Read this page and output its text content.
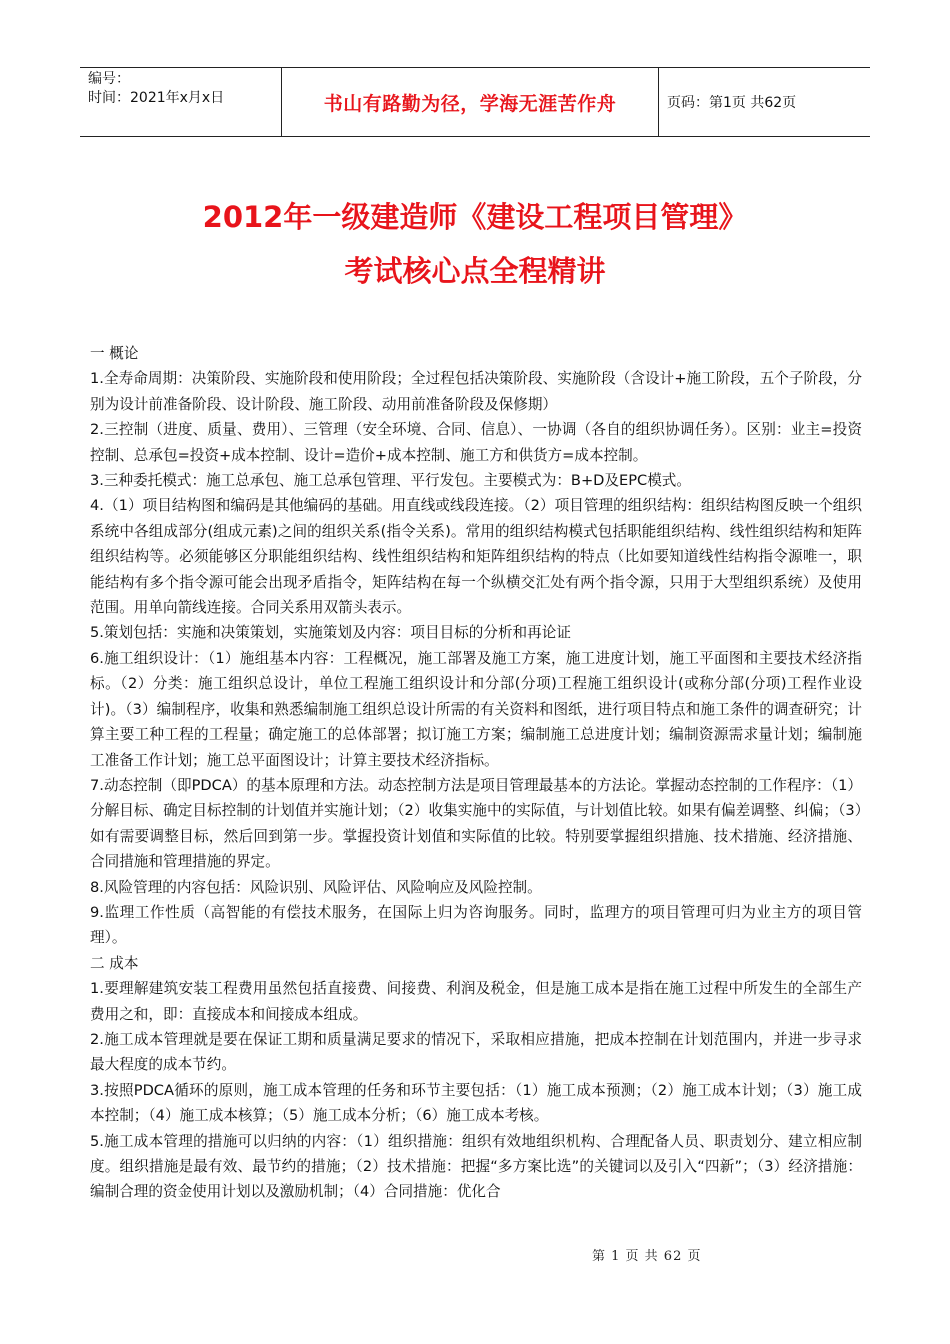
编号：
时间：2021年x月x日	书山有路勤为径，学海无涯苦作舟	页码：第1页 共62页
2012年一级建造师《建设工程项目管理》
考试核心点全程精讲

一 概论

1.全寿命周期：决策阶段、实施阶段和使用阶段；全过程包括决策阶段、实施阶段（含设计+施工阶段，五个子阶段，分别为设计前准备阶段、设计阶段、施工阶段、动用前准备阶段及保修期）

2.三控制（进度、质量、费用）、三管理（安全环境、合同、信息）、一协调（各自的组织协调任务）。区别：业主=投资控制、总承包=投资+成本控制、设计=造价+成本控制、施工方和供货方=成本控制。

3.三种委托模式：施工总承包、施工总承包管理、平行发包。主要模式为：B+D及EPC模式。

4.（1）项目结构图和编码是其他编码的基础。用直线或线段连接。（2）项目管理的组织结构：组织结构图反映一个组织系统中各组成部分(组成元素)之间的组织关系(指令关系)。常用的组织结构模式包括职能组织结构、线性组织结构和矩阵组织结构等。必须能够区分职能组织结构、线性组织结构和矩阵组织结构的特点（比如要知道线性结构指令源唯一，职能结构有多个指令源可能会出现矛盾指令，矩阵结构在每一个纵横交汇处有两个指令源，只用于大型组织系统）及使用范围。用单向箭线连接。合同关系用双箭头表示。

5.策划包括：实施和决策策划，实施策划及内容：项目目标的分析和再论证

6.施工组织设计：（1）施组基本内容：工程概况，施工部署及施工方案，施工进度计划，施工平面图和主要技术经济指标。（2）分类：施工组织总设计，单位工程施工组织设计和分部(分项)工程施工组织设计(或称分部(分项)工程作业设计)。（3）编制程序，收集和熟悉编制施工组织总设计所需的有关资料和图纸，进行项目特点和施工条件的调查研究；计算主要工种工程的工程量；确定施工的总体部署；拟订施工方案；编制施工总进度计划；编制资源需求量计划；编制施工准备工作计划；施工总平面图设计；计算主要技术经济指标。

7.动态控制（即PDCA）的基本原理和方法。动态控制方法是项目管理最基本的方法论。掌握动态控制的工作程序：（1）分解目标、确定目标控制的计划值并实施计划；（2）收集实施中的实际值，与计划值比较。如果有偏差调整、纠偏；（3）如有需要调整目标，然后回到第一步。掌握投资计划值和实际值的比较。特别要掌握组织措施、技术措施、经济措施、合同措施和管理措施的界定。

8.风险管理的内容包括：风险识别、风险评估、风险响应及风险控制。

9.监理工作性质（高智能的有偿技术服务，在国际上归为咨询服务。同时，监理方的项目管理可归为业主方的项目管理）。

二 成本

1.要理解建筑安装工程费用虽然包括直接费、间接费、利润及税金，但是施工成本是指在施工过程中所发生的全部生产费用之和，即：直接成本和间接成本组成。

2.施工成本管理就是要在保证工期和质量满足要求的情况下，采取相应措施，把成本控制在计划范围内，并进一步寻求最大程度的成本节约。

3.按照PDCA循环的原则，施工成本管理的任务和环节主要包括：（1）施工成本预测；（2）施工成本计划；（3）施工成本控制；（4）施工成本核算；（5）施工成本分析；（6）施工成本考核。

5.施工成本管理的措施可以归纳的内容：（1）组织措施：组织有效地组织机构、合理配备人员、职责划分、建立相应制度。组织措施是最有效、最节约的措施；（2）技术措施：把握“多方案比选”的关键词以及引入“四新”；（3）经济措施：编制合理的资金使用计划以及激励机制；（4）合同措施：优化合

第 1 页 共 62 页
